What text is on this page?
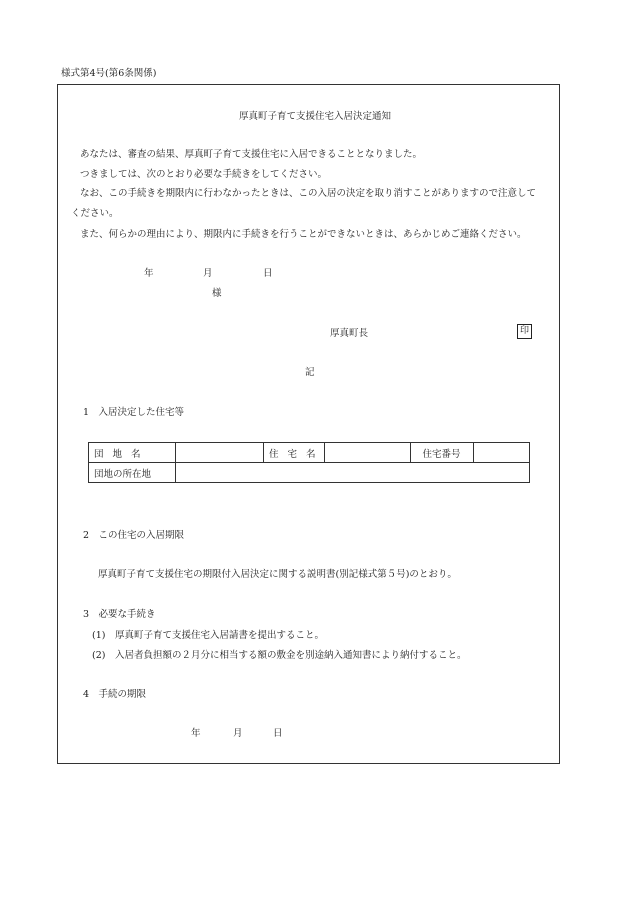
様式第4号(第6条関係)
厚真町子育て支援住宅入居決定通知
あなたは、審査の結果、厚真町子育て支援住宅に入居できることとなりました。
つきましては、次のとおり必要な手続きをしてください。
なお、この手続きを期限内に行わなかったときは、この入居の決定を取り消すことがありますので注意して
ください。
また、何らかの理由により、期限内に手続きを行うことができないときは、あらかじめご連絡ください。
年	月	日
様
厚真町長	印
記
1　入居決定した住宅等
団 地 名		住 宅 名		住宅番号	
団地の所在地					
2　この住宅の入居期限
厚真町子育て支援住宅の期限付入居決定に関する説明書(別記様式第５号)のとおり。
3　必要な手続き
(1)　厚真町子育て支援住宅入居請書を提出すること。
(2)　入居者負担額の２月分に相当する額の敷金を別途納入通知書により納付すること。
4　手続の期限
年	月	日
